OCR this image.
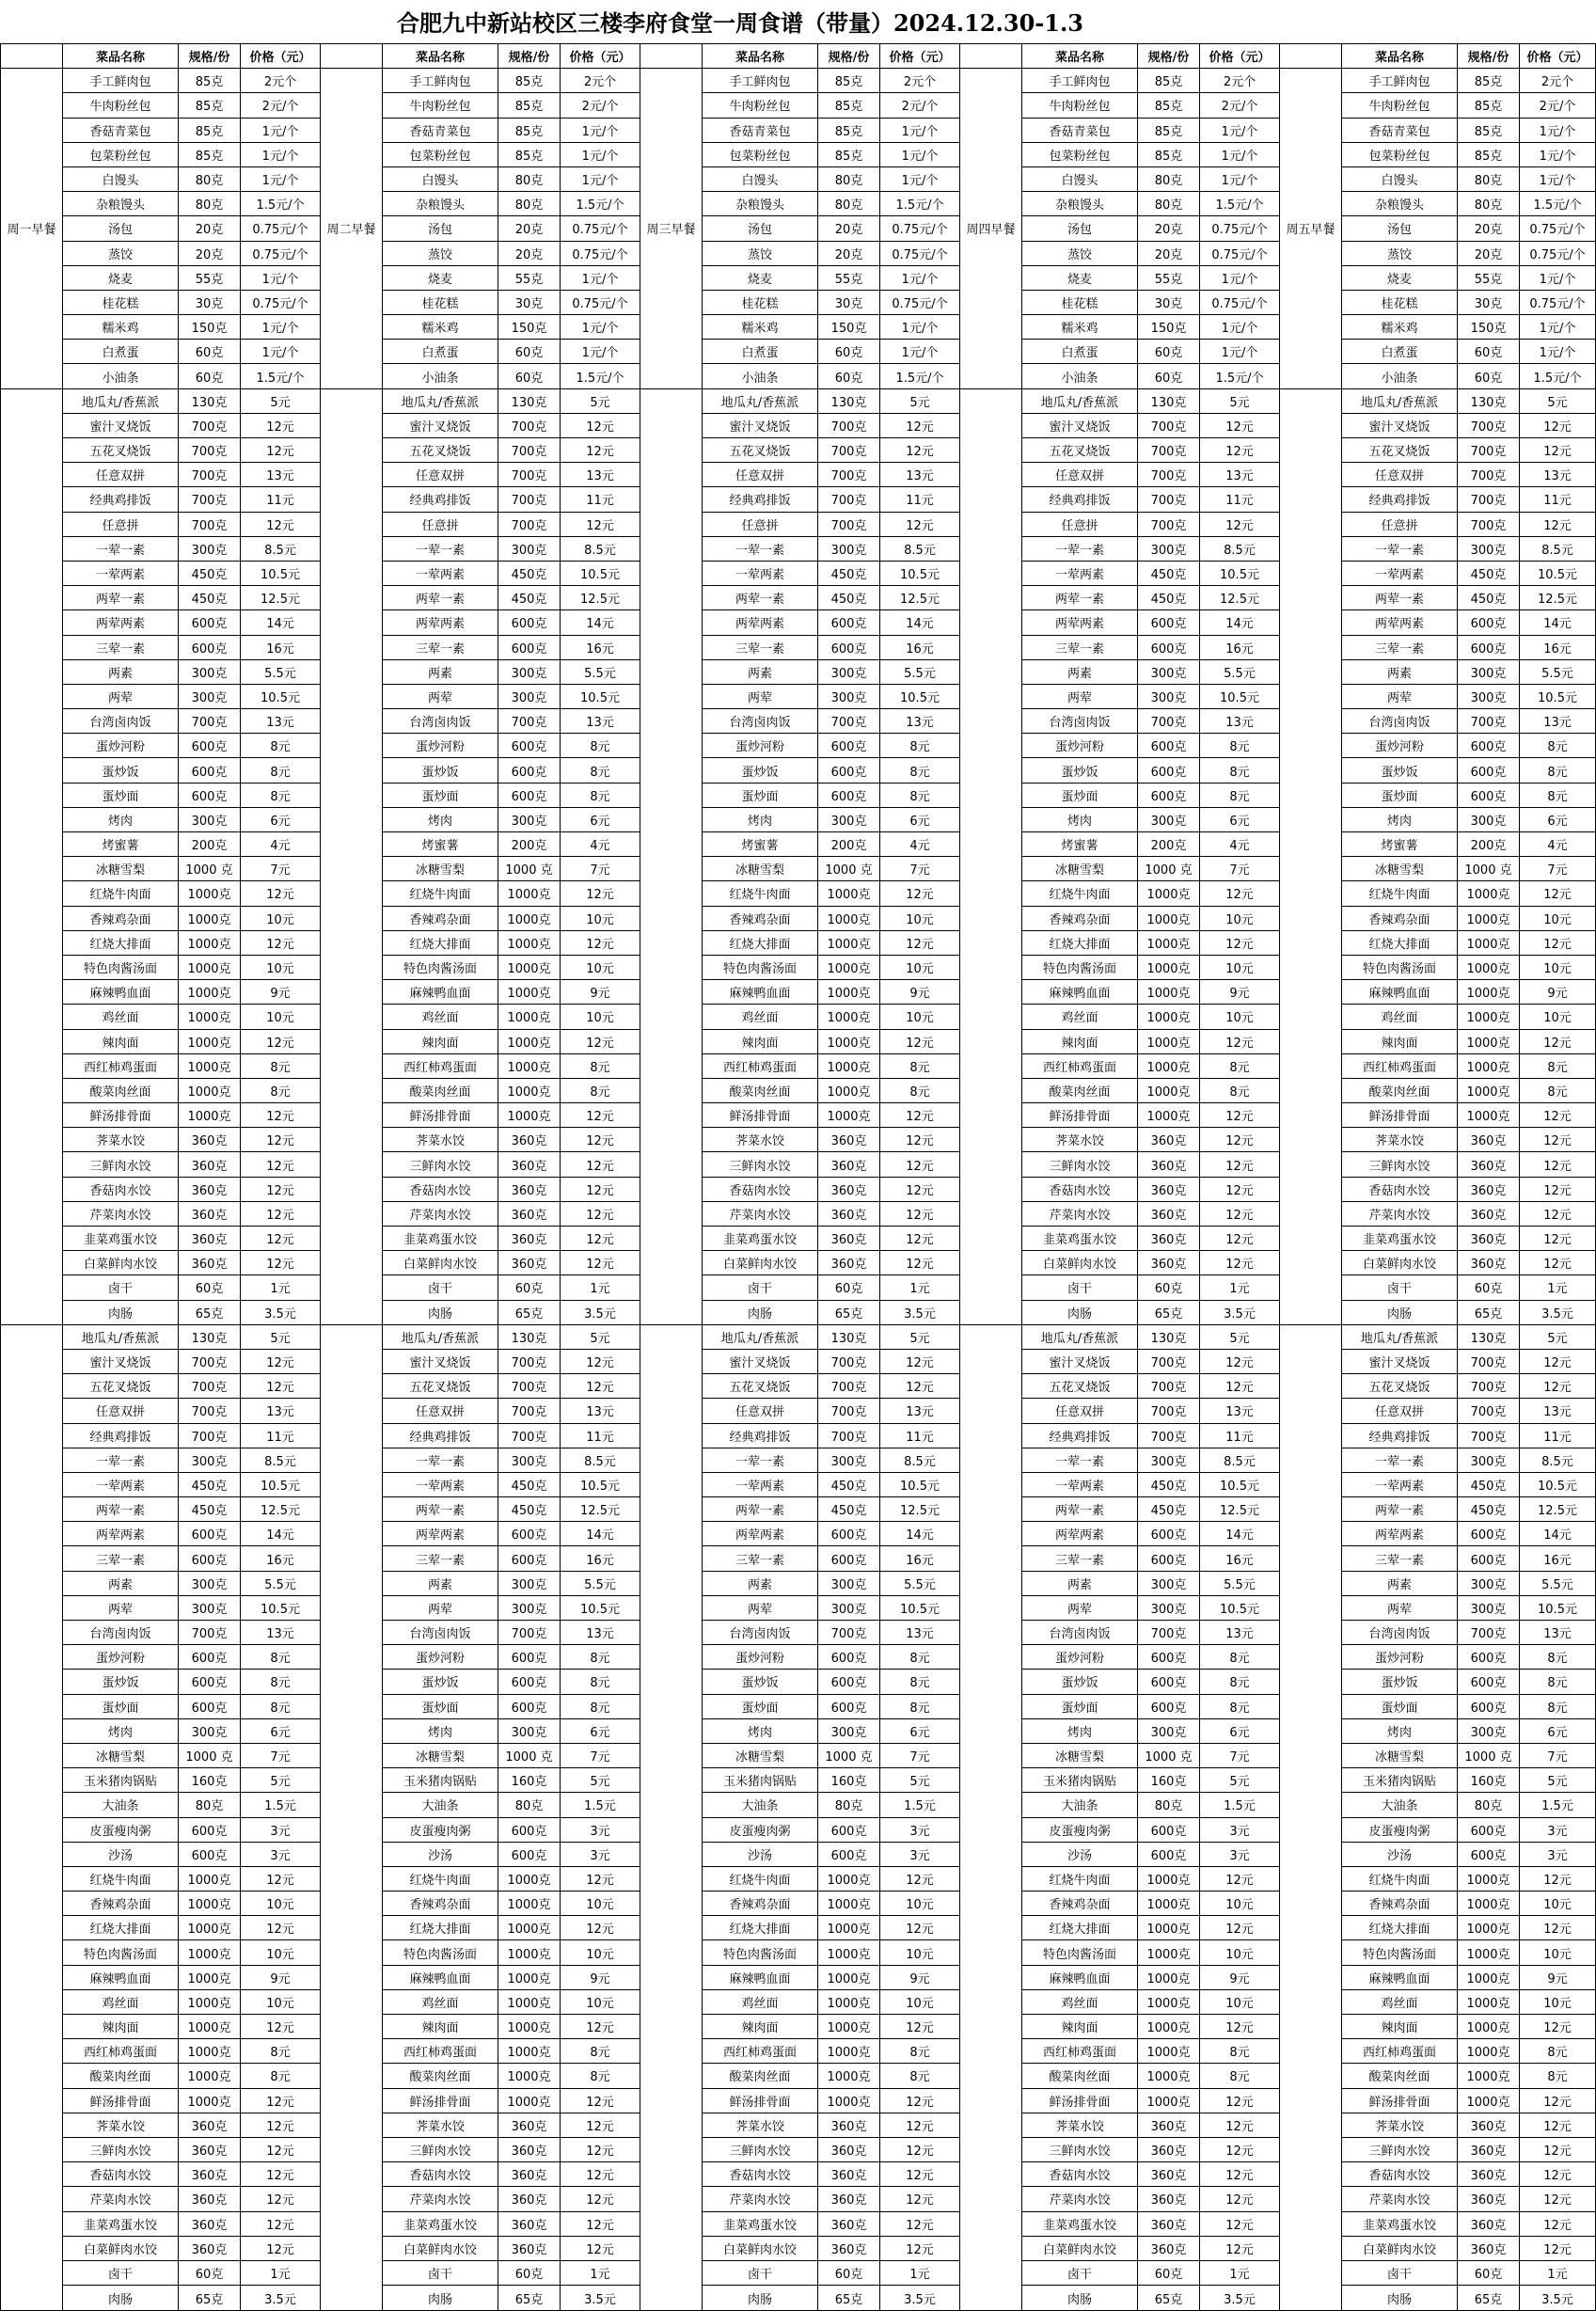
合肥九中新站校区三楼李府食堂一周食谱（带量）2024.12.30-1.3
	菜品名称	规格/份	价格（元）		菜品名称	规格/份	价格（元）		菜品名称	规格/份	价格（元）		菜品名称	规格/份	价格（元）		菜品名称	规格/份	价格（元）
周一早餐	手工鲜肉包	85克	2元个	周二早餐	手工鲜肉包	85克	2元个	周三早餐	手工鲜肉包	85克	2元个	周四早餐	手工鲜肉包	85克	2元个	周五早餐	手工鲜肉包	85克	2元个
	牛肉粉丝包	85克	2元/个		牛肉粉丝包	85克	2元/个		牛肉粉丝包	85克	2元/个		牛肉粉丝包	85克	2元/个		牛肉粉丝包	85克	2元/个
	香菇青菜包	85克	1元/个		香菇青菜包	85克	1元/个		香菇青菜包	85克	1元/个		香菇青菜包	85克	1元/个		香菇青菜包	85克	1元/个
	包菜粉丝包	85克	1元/个		包菜粉丝包	85克	1元/个		包菜粉丝包	85克	1元/个		包菜粉丝包	85克	1元/个		包菜粉丝包	85克	1元/个
	白馒头	80克	1元/个		白馒头	80克	1元/个		白馒头	80克	1元/个		白馒头	80克	1元/个		白馒头	80克	1元/个
	杂粮馒头	80克	1.5元/个		杂粮馒头	80克	1.5元/个		杂粮馒头	80克	1.5元/个		杂粮馒头	80克	1.5元/个		杂粮馒头	80克	1.5元/个
	汤包	20克	0.75元/个		汤包	20克	0.75元/个		汤包	20克	0.75元/个		汤包	20克	0.75元/个		汤包	20克	0.75元/个
	蒸饺	20克	0.75元/个		蒸饺	20克	0.75元/个		蒸饺	20克	0.75元/个		蒸饺	20克	0.75元/个		蒸饺	20克	0.75元/个
	烧麦	55克	1元/个		烧麦	55克	1元/个		烧麦	55克	1元/个		烧麦	55克	1元/个		烧麦	55克	1元/个
	桂花糕	30克	0.75元/个		桂花糕	30克	0.75元/个		桂花糕	30克	0.75元/个		桂花糕	30克	0.75元/个		桂花糕	30克	0.75元/个
	糯米鸡	150克	1元/个		糯米鸡	150克	1元/个		糯米鸡	150克	1元/个		糯米鸡	150克	1元/个		糯米鸡	150克	1元/个
	白煮蛋	60克	1元/个		白煮蛋	60克	1元/个		白煮蛋	60克	1元/个		白煮蛋	60克	1元/个		白煮蛋	60克	1元/个
	小油条	60克	1.5元/个		小油条	60克	1.5元/个		小油条	60克	1.5元/个		小油条	60克	1.5元/个		小油条	60克	1.5元/个
	地瓜丸/香蕉派	130克	5元		地瓜丸/香蕉派	130克	5元		地瓜丸/香蕉派	130克	5元		地瓜丸/香蕉派	130克	5元		地瓜丸/香蕉派	130克	5元
	蜜汁叉烧饭	700克	12元		蜜汁叉烧饭	700克	12元		蜜汁叉烧饭	700克	12元		蜜汁叉烧饭	700克	12元		蜜汁叉烧饭	700克	12元
	五花叉烧饭	700克	12元		五花叉烧饭	700克	12元		五花叉烧饭	700克	12元		五花叉烧饭	700克	12元		五花叉烧饭	700克	12元
	任意双拼	700克	13元		任意双拼	700克	13元		任意双拼	700克	13元		任意双拼	700克	13元		任意双拼	700克	13元
	经典鸡排饭	700克	11元		经典鸡排饭	700克	11元		经典鸡排饭	700克	11元		经典鸡排饭	700克	11元		经典鸡排饭	700克	11元
	任意拼	700克	12元		任意拼	700克	12元		任意拼	700克	12元		任意拼	700克	12元		任意拼	700克	12元
	一荤一素	300克	8.5元		一荤一素	300克	8.5元		一荤一素	300克	8.5元		一荤一素	300克	8.5元		一荤一素	300克	8.5元
	一荤两素	450克	10.5元		一荤两素	450克	10.5元		一荤两素	450克	10.5元		一荤两素	450克	10.5元		一荤两素	450克	10.5元
	两荤一素	450克	12.5元		两荤一素	450克	12.5元		两荤一素	450克	12.5元		两荤一素	450克	12.5元		两荤一素	450克	12.5元
	两荤两素	600克	14元		两荤两素	600克	14元		两荤两素	600克	14元		两荤两素	600克	14元		两荤两素	600克	14元
	三荤一素	600克	16元		三荤一素	600克	16元		三荤一素	600克	16元		三荤一素	600克	16元		三荤一素	600克	16元
	两素	300克	5.5元		两素	300克	5.5元		两素	300克	5.5元		两素	300克	5.5元		两素	300克	5.5元
	两荤	300克	10.5元		两荤	300克	10.5元		两荤	300克	10.5元		两荤	300克	10.5元		两荤	300克	10.5元
	台湾卤肉饭	700克	13元		台湾卤肉饭	700克	13元		台湾卤肉饭	700克	13元		台湾卤肉饭	700克	13元		台湾卤肉饭	700克	13元
	蛋炒河粉	600克	8元		蛋炒河粉	600克	8元		蛋炒河粉	600克	8元		蛋炒河粉	600克	8元		蛋炒河粉	600克	8元
	蛋炒饭	600克	8元		蛋炒饭	600克	8元		蛋炒饭	600克	8元		蛋炒饭	600克	8元		蛋炒饭	600克	8元
	蛋炒面	600克	8元		蛋炒面	600克	8元		蛋炒面	600克	8元		蛋炒面	600克	8元		蛋炒面	600克	8元
	烤肉	300克	6元		烤肉	300克	6元		烤肉	300克	6元		烤肉	300克	6元		烤肉	300克	6元
	烤蜜薯	200克	4元		烤蜜薯	200克	4元		烤蜜薯	200克	4元		烤蜜薯	200克	4元		烤蜜薯	200克	4元
	冰糖雪梨	1000 克	7元		冰糖雪梨	1000 克	7元		冰糖雪梨	1000 克	7元		冰糖雪梨	1000 克	7元		冰糖雪梨	1000 克	7元
	红烧牛肉面	1000克	12元		红烧牛肉面	1000克	12元		红烧牛肉面	1000克	12元		红烧牛肉面	1000克	12元		红烧牛肉面	1000克	12元
	香辣鸡杂面	1000克	10元		香辣鸡杂面	1000克	10元		香辣鸡杂面	1000克	10元		香辣鸡杂面	1000克	10元		香辣鸡杂面	1000克	10元
	红烧大排面	1000克	12元		红烧大排面	1000克	12元		红烧大排面	1000克	12元		红烧大排面	1000克	12元		红烧大排面	1000克	12元
	特色肉酱汤面	1000克	10元		特色肉酱汤面	1000克	10元		特色肉酱汤面	1000克	10元		特色肉酱汤面	1000克	10元		特色肉酱汤面	1000克	10元
	麻辣鸭血面	1000克	9元		麻辣鸭血面	1000克	9元		麻辣鸭血面	1000克	9元		麻辣鸭血面	1000克	9元		麻辣鸭血面	1000克	9元
	鸡丝面	1000克	10元		鸡丝面	1000克	10元		鸡丝面	1000克	10元		鸡丝面	1000克	10元		鸡丝面	1000克	10元
	辣肉面	1000克	12元		辣肉面	1000克	12元		辣肉面	1000克	12元		辣肉面	1000克	12元		辣肉面	1000克	12元
	西红柿鸡蛋面	1000克	8元		西红柿鸡蛋面	1000克	8元		西红柿鸡蛋面	1000克	8元		西红柿鸡蛋面	1000克	8元		西红柿鸡蛋面	1000克	8元
	酸菜肉丝面	1000克	8元		酸菜肉丝面	1000克	8元		酸菜肉丝面	1000克	8元		酸菜肉丝面	1000克	8元		酸菜肉丝面	1000克	8元
	鲜汤排骨面	1000克	12元		鲜汤排骨面	1000克	12元		鲜汤排骨面	1000克	12元		鲜汤排骨面	1000克	12元		鲜汤排骨面	1000克	12元
	荠菜水饺	360克	12元		荠菜水饺	360克	12元		荠菜水饺	360克	12元		荠菜水饺	360克	12元		荠菜水饺	360克	12元
	三鲜肉水饺	360克	12元		三鲜肉水饺	360克	12元		三鲜肉水饺	360克	12元		三鲜肉水饺	360克	12元		三鲜肉水饺	360克	12元
	香菇肉水饺	360克	12元		香菇肉水饺	360克	12元		香菇肉水饺	360克	12元		香菇肉水饺	360克	12元		香菇肉水饺	360克	12元
	芹菜肉水饺	360克	12元		芹菜肉水饺	360克	12元		芹菜肉水饺	360克	12元		芹菜肉水饺	360克	12元		芹菜肉水饺	360克	12元
	韭菜鸡蛋水饺	360克	12元		韭菜鸡蛋水饺	360克	12元		韭菜鸡蛋水饺	360克	12元		韭菜鸡蛋水饺	360克	12元		韭菜鸡蛋水饺	360克	12元
	白菜鲜肉水饺	360克	12元		白菜鲜肉水饺	360克	12元		白菜鲜肉水饺	360克	12元		白菜鲜肉水饺	360克	12元		白菜鲜肉水饺	360克	12元
	卤干	60克	1元		卤干	60克	1元		卤干	60克	1元		卤干	60克	1元		卤干	60克	1元
	肉肠	65克	3.5元		肉肠	65克	3.5元		肉肠	65克	3.5元		肉肠	65克	3.5元		肉肠	65克	3.5元
	地瓜丸/香蕉派	130克	5元		地瓜丸/香蕉派	130克	5元		地瓜丸/香蕉派	130克	5元		地瓜丸/香蕉派	130克	5元		地瓜丸/香蕉派	130克	5元
	蜜汁叉烧饭	700克	12元		蜜汁叉烧饭	700克	12元		蜜汁叉烧饭	700克	12元		蜜汁叉烧饭	700克	12元		蜜汁叉烧饭	700克	12元
	五花叉烧饭	700克	12元		五花叉烧饭	700克	12元		五花叉烧饭	700克	12元		五花叉烧饭	700克	12元		五花叉烧饭	700克	12元
	任意双拼	700克	13元		任意双拼	700克	13元		任意双拼	700克	13元		任意双拼	700克	13元		任意双拼	700克	13元
	经典鸡排饭	700克	11元		经典鸡排饭	700克	11元		经典鸡排饭	700克	11元		经典鸡排饭	700克	11元		经典鸡排饭	700克	11元
	一荤一素	300克	8.5元		一荤一素	300克	8.5元		一荤一素	300克	8.5元		一荤一素	300克	8.5元		一荤一素	300克	8.5元
	一荤两素	450克	10.5元		一荤两素	450克	10.5元		一荤两素	450克	10.5元		一荤两素	450克	10.5元		一荤两素	450克	10.5元
	两荤一素	450克	12.5元		两荤一素	450克	12.5元		两荤一素	450克	12.5元		两荤一素	450克	12.5元		两荤一素	450克	12.5元
	两荤两素	600克	14元		两荤两素	600克	14元		两荤两素	600克	14元		两荤两素	600克	14元		两荤两素	600克	14元
	三荤一素	600克	16元		三荤一素	600克	16元		三荤一素	600克	16元		三荤一素	600克	16元		三荤一素	600克	16元
	两素	300克	5.5元		两素	300克	5.5元		两素	300克	5.5元		两素	300克	5.5元		两素	300克	5.5元
	两荤	300克	10.5元		两荤	300克	10.5元		两荤	300克	10.5元		两荤	300克	10.5元		两荤	300克	10.5元
	台湾卤肉饭	700克	13元		台湾卤肉饭	700克	13元		台湾卤肉饭	700克	13元		台湾卤肉饭	700克	13元		台湾卤肉饭	700克	13元
	蛋炒河粉	600克	8元		蛋炒河粉	600克	8元		蛋炒河粉	600克	8元		蛋炒河粉	600克	8元		蛋炒河粉	600克	8元
	蛋炒饭	600克	8元		蛋炒饭	600克	8元		蛋炒饭	600克	8元		蛋炒饭	600克	8元		蛋炒饭	600克	8元
	蛋炒面	600克	8元		蛋炒面	600克	8元		蛋炒面	600克	8元		蛋炒面	600克	8元		蛋炒面	600克	8元
	烤肉	300克	6元		烤肉	300克	6元		烤肉	300克	6元		烤肉	300克	6元		烤肉	300克	6元
	冰糖雪梨	1000 克	7元		冰糖雪梨	1000 克	7元		冰糖雪梨	1000 克	7元		冰糖雪梨	1000 克	7元		冰糖雪梨	1000 克	7元
	玉米猪肉锅贴	160克	5元		玉米猪肉锅贴	160克	5元		玉米猪肉锅贴	160克	5元		玉米猪肉锅贴	160克	5元		玉米猪肉锅贴	160克	5元
	大油条	80克	1.5元		大油条	80克	1.5元		大油条	80克	1.5元		大油条	80克	1.5元		大油条	80克	1.5元
	皮蛋瘦肉粥	600克	3元		皮蛋瘦肉粥	600克	3元		皮蛋瘦肉粥	600克	3元		皮蛋瘦肉粥	600克	3元		皮蛋瘦肉粥	600克	3元
	沙汤	600克	3元		沙汤	600克	3元		沙汤	600克	3元		沙汤	600克	3元		沙汤	600克	3元
	红烧牛肉面	1000克	12元		红烧牛肉面	1000克	12元		红烧牛肉面	1000克	12元		红烧牛肉面	1000克	12元		红烧牛肉面	1000克	12元
	香辣鸡杂面	1000克	10元		香辣鸡杂面	1000克	10元		香辣鸡杂面	1000克	10元		香辣鸡杂面	1000克	10元		香辣鸡杂面	1000克	10元
	红烧大排面	1000克	12元		红烧大排面	1000克	12元		红烧大排面	1000克	12元		红烧大排面	1000克	12元		红烧大排面	1000克	12元
	特色肉酱汤面	1000克	10元		特色肉酱汤面	1000克	10元		特色肉酱汤面	1000克	10元		特色肉酱汤面	1000克	10元		特色肉酱汤面	1000克	10元
	麻辣鸭血面	1000克	9元		麻辣鸭血面	1000克	9元		麻辣鸭血面	1000克	9元		麻辣鸭血面	1000克	9元		麻辣鸭血面	1000克	9元
	鸡丝面	1000克	10元		鸡丝面	1000克	10元		鸡丝面	1000克	10元		鸡丝面	1000克	10元		鸡丝面	1000克	10元
	辣肉面	1000克	12元		辣肉面	1000克	12元		辣肉面	1000克	12元		辣肉面	1000克	12元		辣肉面	1000克	12元
	西红柿鸡蛋面	1000克	8元		西红柿鸡蛋面	1000克	8元		西红柿鸡蛋面	1000克	8元		西红柿鸡蛋面	1000克	8元		西红柿鸡蛋面	1000克	8元
	酸菜肉丝面	1000克	8元		酸菜肉丝面	1000克	8元		酸菜肉丝面	1000克	8元		酸菜肉丝面	1000克	8元		酸菜肉丝面	1000克	8元
	鲜汤排骨面	1000克	12元		鲜汤排骨面	1000克	12元		鲜汤排骨面	1000克	12元		鲜汤排骨面	1000克	12元		鲜汤排骨面	1000克	12元
	荠菜水饺	360克	12元		荠菜水饺	360克	12元		荠菜水饺	360克	12元		荠菜水饺	360克	12元		荠菜水饺	360克	12元
	三鲜肉水饺	360克	12元		三鲜肉水饺	360克	12元		三鲜肉水饺	360克	12元		三鲜肉水饺	360克	12元		三鲜肉水饺	360克	12元
	香菇肉水饺	360克	12元		香菇肉水饺	360克	12元		香菇肉水饺	360克	12元		香菇肉水饺	360克	12元		香菇肉水饺	360克	12元
	芹菜肉水饺	360克	12元		芹菜肉水饺	360克	12元		芹菜肉水饺	360克	12元		芹菜肉水饺	360克	12元		芹菜肉水饺	360克	12元
	韭菜鸡蛋水饺	360克	12元		韭菜鸡蛋水饺	360克	12元		韭菜鸡蛋水饺	360克	12元		韭菜鸡蛋水饺	360克	12元		韭菜鸡蛋水饺	360克	12元
	白菜鲜肉水饺	360克	12元		白菜鲜肉水饺	360克	12元		白菜鲜肉水饺	360克	12元		白菜鲜肉水饺	360克	12元		白菜鲜肉水饺	360克	12元
	卤干	60克	1元		卤干	60克	1元		卤干	60克	1元		卤干	60克	1元		卤干	60克	1元
	肉肠	65克	3.5元		肉肠	65克	3.5元		肉肠	65克	3.5元		肉肠	65克	3.5元		肉肠	65克	3.5元
